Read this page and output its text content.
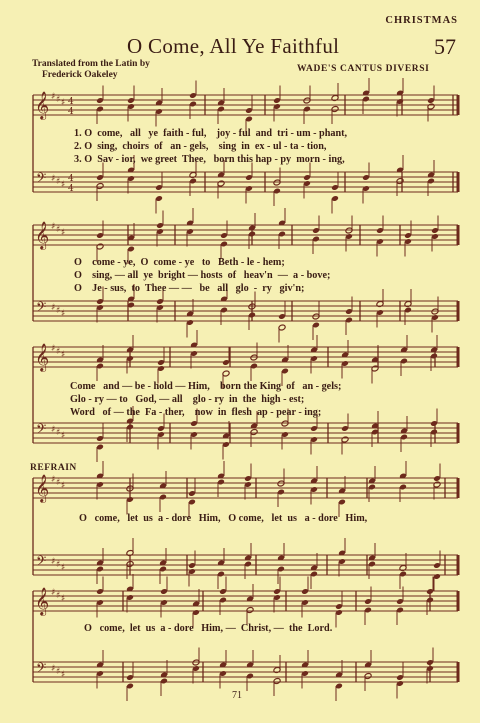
CHRISTMAS
O Come, All Ye Faithful	57
Translated from the Latin by
Frederick Oakeley
WADE'S CANTUS DIVERSI
𝄞
𝄢
♯
♯
♯
♯
♯
♯
4
4
4
4
𝄞
𝄢
♯
♯
♯
♯
♯
♯
𝄞
𝄢
♯
♯
♯
♯
♯
♯
𝄞
𝄢
♯
♯
♯
♯
♯
♯
𝄞
𝄢
♯
♯
♯
♯
♯
♯
1. O  come,   all   ye  faith - ful,    joy - ful  and  tri - um - phant,
2. O  sing,  choirs  of   an - gels,    sing  in  ex - ul - ta - tion,
3. O  Sav - ior,  we greet  Thee,   born this hap - py  morn - ing,
O    come - ye,  O  come - ye   to   Beth - le - hem;
O    sing, — all  ye  bright — hosts  of   heav'n  —  a - bove;
O    Je - sus,  to  Thee — —   be   all   glo  -  ry   giv'n;
Come   and — be - hold — Him,    born the King  of   an - gels;
Glo - ry — to   God, — all    glo - ry  in  the  high - est;
Word   of — the  Fa - ther,    now  in  flesh  ap - pear - ing;
REFRAIN
O   come,   let  us  a - dore   Him,   O come,   let  us   a - dore   Him,
O   come,  let  us  a - dore   Him, —  Christ, —  the  Lord.
71
